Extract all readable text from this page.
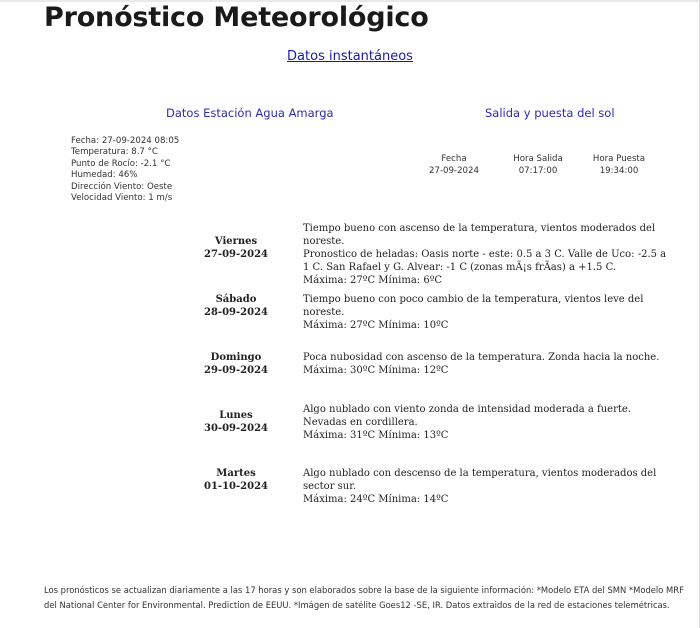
Pronóstico Meteorológico
Datos instantáneos
Datos Estación Agua Amarga	Salida y puesta del sol
Fecha: 27-09-2024 08:05
Temperatura: 8.7 °C
Punto de Rocío: -2.1 °C
Humedad: 46%
Dirección Viento: Oeste
Velocidad Viento: 1 m/s
Fecha	Hora Salida	Hora Puesta
27-09-2024	07:17:00	19:34:00
Viernes
27-09-2024
Tiempo bueno con ascenso de la temperatura, vientos moderados del noreste.
Pronostico de heladas: Oasis norte - este: 0.5 a 3 C. Valle de Uco: -2.5 a 1 C. San Rafael y G. Alvear: -1 C (zonas mÃ¡s frÃas) a +1.5 C.
Máxima: 27ºC Mínima: 6ºC
Sábado
28-09-2024
Tiempo bueno con poco cambio de la temperatura, vientos leve del noreste.
Máxima: 27ºC Mínima: 10ºC
Domingo
29-09-2024
Poca nubosidad con ascenso de la temperatura. Zonda hacia la noche.
Máxima: 30ºC Mínima: 12ºC
Lunes
30-09-2024
Algo nublado con viento zonda de intensidad moderada a fuerte. Nevadas en cordillera.
Máxima: 31ºC Mínima: 13ºC
Martes
01-10-2024
Algo nublado con descenso de la temperatura, vientos moderados del sector sur.
Máxima: 24ºC Mínima: 14ºC
Los pronósticos se actualizan diariamente a las 17 horas y son elaborados sobre la base de la siguiente información: *Modelo ETA del SMN *Modelo MRF del National Center for Environmental. Prediction de EEUU. *Imágen de satélite Goes12 -SE, IR. Datos extraidos de la red de estaciones telemétricas.
